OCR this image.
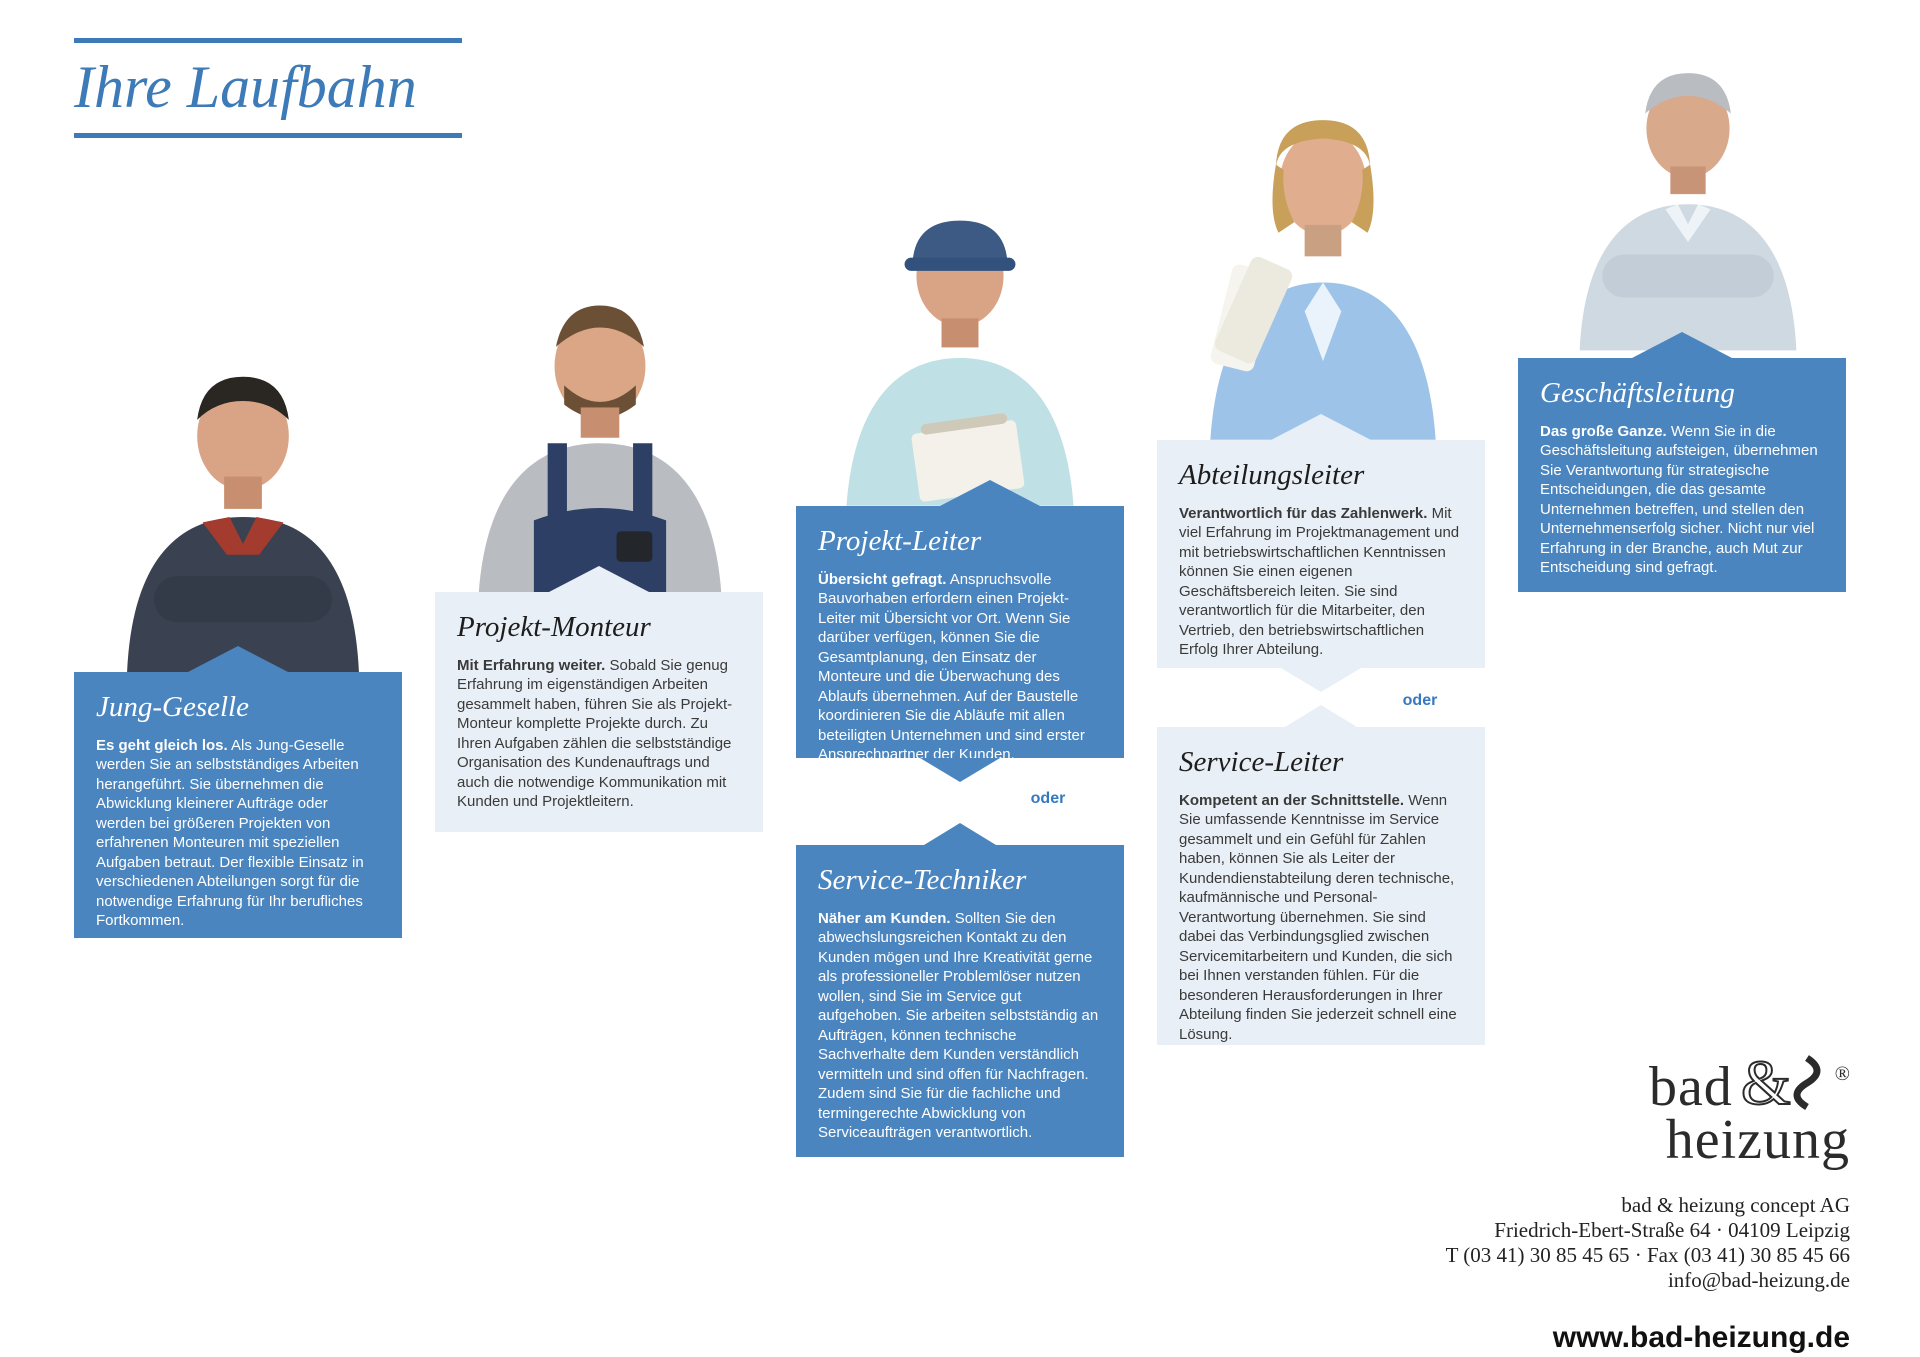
Ihre Laufbahn
Jung-Geselle

Es geht gleich los. Als Jung-Geselle werden Sie an selbstständiges Arbeiten herangeführt. Sie übernehmen die Abwicklung kleinerer Aufträge oder werden bei größeren Projekten von erfahrenen Monteuren mit speziellen Aufgaben betraut. Der flexible Einsatz in verschiedenen Abteilungen sorgt für die notwendige Erfahrung für Ihr berufliches Fortkommen.

Projekt-Monteur

Mit Erfahrung weiter. Sobald Sie genug Erfahrung im eigenständigen Arbeiten gesammelt haben, führen Sie als Projekt-Monteur komplette Projekte durch. Zu Ihren Aufgaben zählen die selbstständige Organisation des Kundenauftrags und auch die notwendige Kommunikation mit Kunden und Projektleitern.

Projekt-Leiter

Übersicht gefragt. Anspruchsvolle Bauvorhaben erfordern einen Projekt-Leiter mit Übersicht vor Ort. Wenn Sie darüber verfügen, können Sie die Gesamtplanung, den Einsatz der Monteure und die Überwachung des Ablaufs übernehmen. Auf der Baustelle koordinieren Sie die Abläufe mit allen beteiligten Unternehmen und sind erster Ansprechpartner der Kunden.

oder
Service-Techniker

Näher am Kunden. Sollten Sie den abwechslungsreichen Kontakt zu den Kunden mögen und Ihre Kreativität gerne als professioneller Problemlöser nutzen wollen, sind Sie im Service gut aufgehoben. Sie arbeiten selbstständig an Aufträgen, können technische Sachverhalte dem Kunden verständlich vermitteln und sind offen für Nachfragen. Zudem sind Sie für die fachliche und termingerechte Abwicklung von Serviceaufträgen verantwortlich.

Abteilungsleiter

Verantwortlich für das Zahlenwerk. Mit viel Erfahrung im Projektmanagement und mit betriebswirtschaftlichen Kenntnissen können Sie einen eigenen Geschäftsbereich leiten. Sie sind verantwortlich für die Mitarbeiter, den Vertrieb, den betriebswirtschaftlichen Erfolg Ihrer Abteilung.

oder
Service-Leiter

Kompetent an der Schnittstelle. Wenn Sie umfassende Kenntnisse im Service gesammelt und ein Gefühl für Zahlen haben, können Sie als Leiter der Kundendienstabteilung deren technische, kaufmännische und Personal-Verantwortung übernehmen. Sie sind dabei das Verbindungsglied zwischen Servicemitarbeitern und Kunden, die sich bei Ihnen verstanden fühlen. Für die besonderen Herausforderungen in Ihrer Abteilung finden Sie jederzeit schnell eine Lösung.

Geschäftsleitung

Das große Ganze. Wenn Sie in die Geschäftsleitung aufsteigen, übernehmen Sie Verantwortung für strategische Entscheidungen, die das gesamte Unternehmen betreffen, und stellen den Unternehmenserfolg sicher. Nicht nur viel Erfahrung in der Branche, auch Mut zur Entscheidung sind gefragt.

bad & ®
heizung
bad & heizung concept AG
Friedrich-Ebert-Straße 64 · 04109 Leipzig
T (03 41) 30 85 45 65 · Fax (03 41) 30 85 45 66
info@bad-heizung.de
www.bad-heizung.de
